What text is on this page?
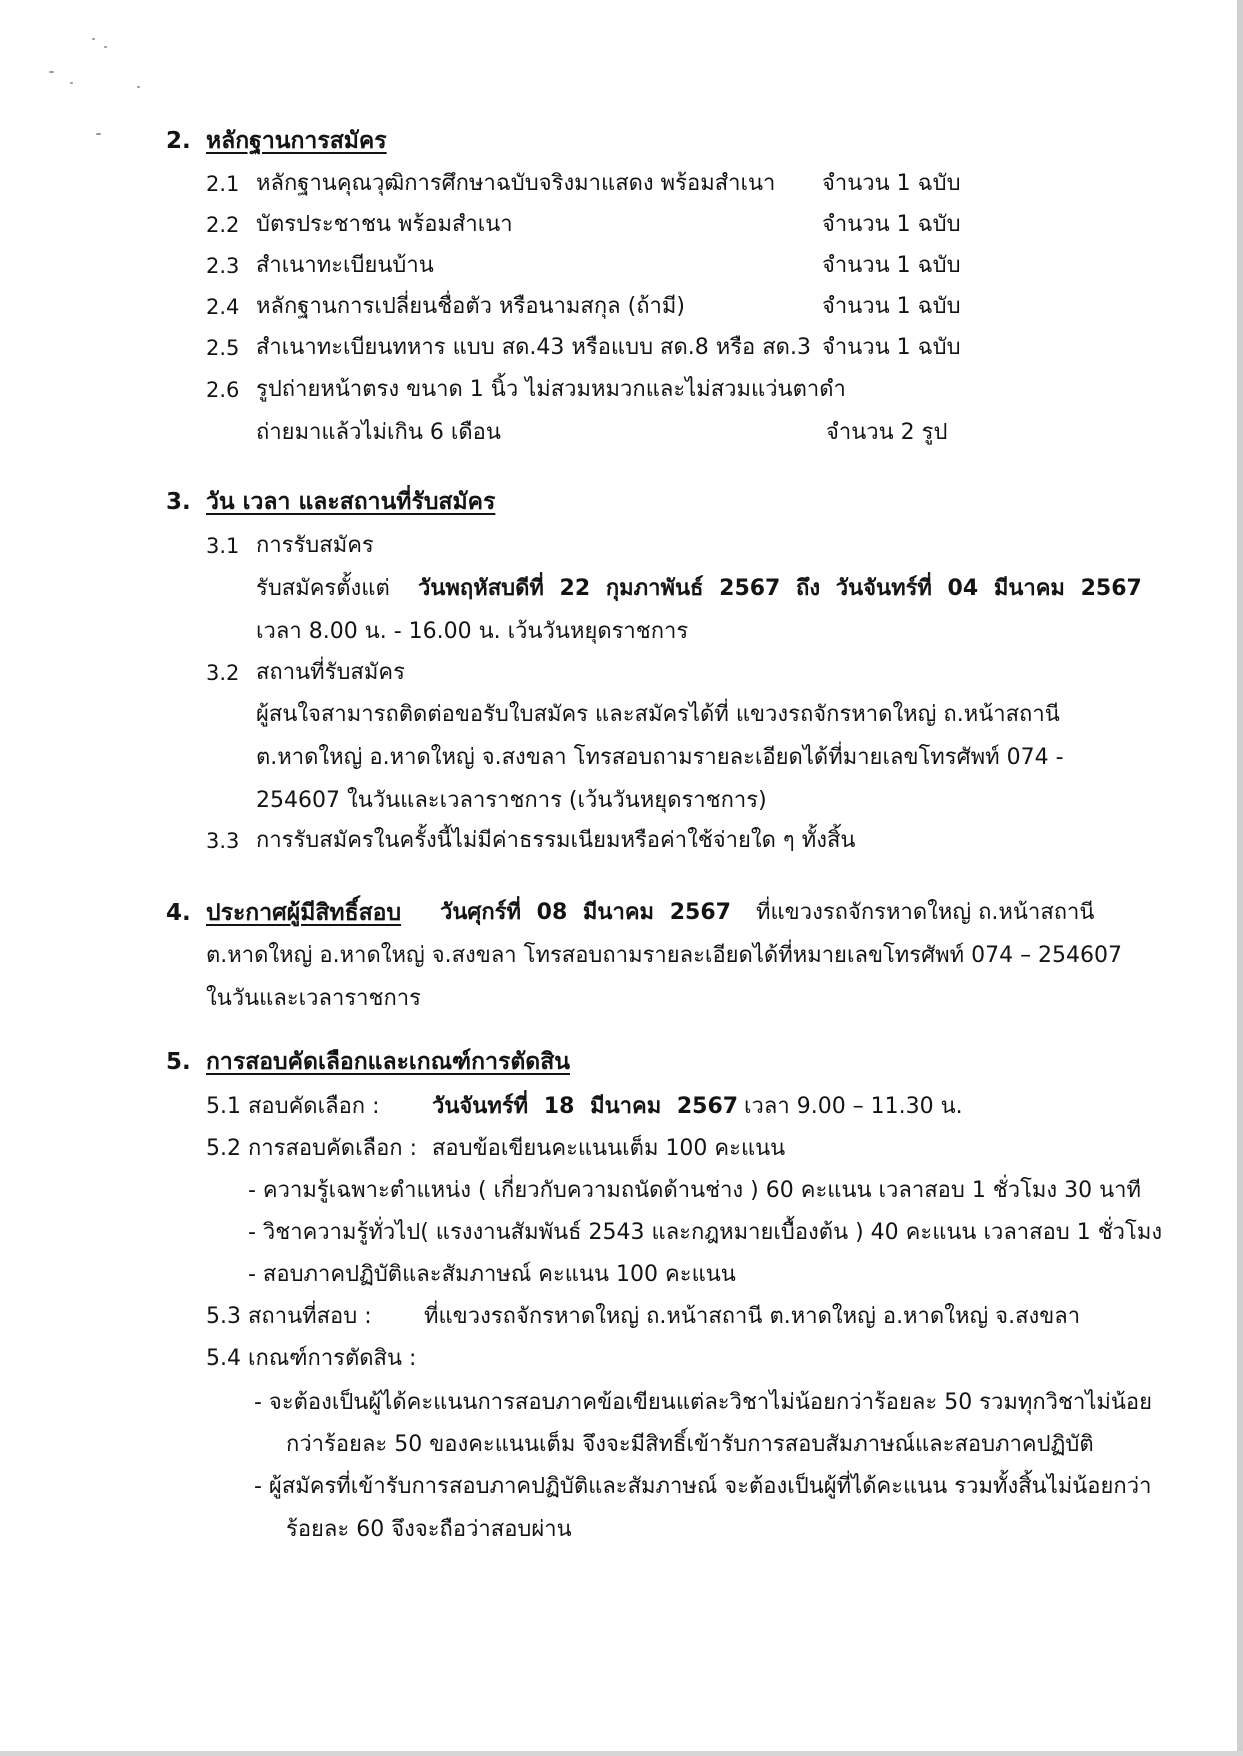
2. หลักฐานการสมัคร
2.1 หลักฐานคุณวุฒิการศึกษาฉบับจริงมาแสดง พร้อมสำเนา จำนวน 1 ฉบับ
2.2 บัตรประชาชน พร้อมสำเนา	จำนวน 1 ฉบับ
2.3 สำเนาทะเบียนบ้าน	จำนวน 1 ฉบับ
2.4 หลักฐานการเปลี่ยนชื่อตัว หรือนามสกุล (ถ้ามี)	จำนวน 1 ฉบับ
2.5 สำเนาทะเบียนทหาร แบบ สด.43 หรือแบบ สด.8 หรือ สด.3 จำนวน 1 ฉบับ
2.6 รูปถ่ายหน้าตรง ขนาด 1 นิ้ว ไม่สวมหมวกและไม่สวมแว่นตาดำ
ถ่ายมาแล้วไม่เกิน 6 เดือน	จำนวน 2 รูป
3. วัน เวลา และสถานที่รับสมัคร
3.1 การรับสมัคร
รับสมัครตั้งแต่ วันพฤหัสบดีที่ 22 กุมภาพันธ์ 2567 ถึง วันจันทร์ที่ 04 มีนาคม 2567
เวลา 8.00 น. - 16.00 น. เว้นวันหยุดราชการ
3.2 สถานที่รับสมัคร
ผู้สนใจสามารถติดต่อขอรับใบสมัคร และสมัครได้ที่ แขวงรถจักรหาดใหญ่ ถ.หน้าสถานี
ต.หาดใหญ่ อ.หาดใหญ่ จ.สงขลา โทรสอบถามรายละเอียดได้ที่มายเลขโทรศัพท์ 074 -
254607 ในวันและเวลาราชการ (เว้นวันหยุดราชการ)
3.3 การรับสมัครในครั้งนี้ไม่มีค่าธรรมเนียมหรือค่าใช้จ่ายใด ๆ ทั้งสิ้น
4. ประกาศผู้มีสิทธิ์สอบ วันศุกร์ที่ 08 มีนาคม 2567 ที่แขวงรถจักรหาดใหญ่ ถ.หน้าสถานี
ต.หาดใหญ่ อ.หาดใหญ่ จ.สงขลา โทรสอบถามรายละเอียดได้ที่หมายเลขโทรศัพท์ 074 – 254607
ในวันและเวลาราชการ
5. การสอบคัดเลือกและเกณฑ์การตัดสิน
5.1 สอบคัดเลือก : วันจันทร์ที่ 18 มีนาคม 2567 เวลา 9.00 – 11.30 น.
5.2 การสอบคัดเลือก : สอบข้อเขียนคะแนนเต็ม 100 คะแนน
- ความรู้เฉพาะตำแหน่ง ( เกี่ยวกับความถนัดด้านช่าง ) 60 คะแนน เวลาสอบ 1 ชั่วโมง 30 นาที
- วิชาความรู้ทั่วไป( แรงงานสัมพันธ์ 2543 และกฎหมายเบื้องต้น ) 40 คะแนน เวลาสอบ 1 ชั่วโมง
- สอบภาคปฏิบัติและสัมภาษณ์ คะแนน 100 คะแนน
5.3 สถานที่สอบ : ที่แขวงรถจักรหาดใหญ่ ถ.หน้าสถานี ต.หาดใหญ่ อ.หาดใหญ่ จ.สงขลา
5.4 เกณฑ์การตัดสิน :
- จะต้องเป็นผู้ได้คะแนนการสอบภาคข้อเขียนแต่ละวิชาไม่น้อยกว่าร้อยละ 50 รวมทุกวิชาไม่น้อย
กว่าร้อยละ 50 ของคะแนนเต็ม จึงจะมีสิทธิ์เข้ารับการสอบสัมภาษณ์และสอบภาคปฏิบัติ
- ผู้สมัครที่เข้ารับการสอบภาคปฏิบัติและสัมภาษณ์ จะต้องเป็นผู้ที่ได้คะแนน รวมทั้งสิ้นไม่น้อยกว่า
ร้อยละ 60 จึงจะถือว่าสอบผ่าน
